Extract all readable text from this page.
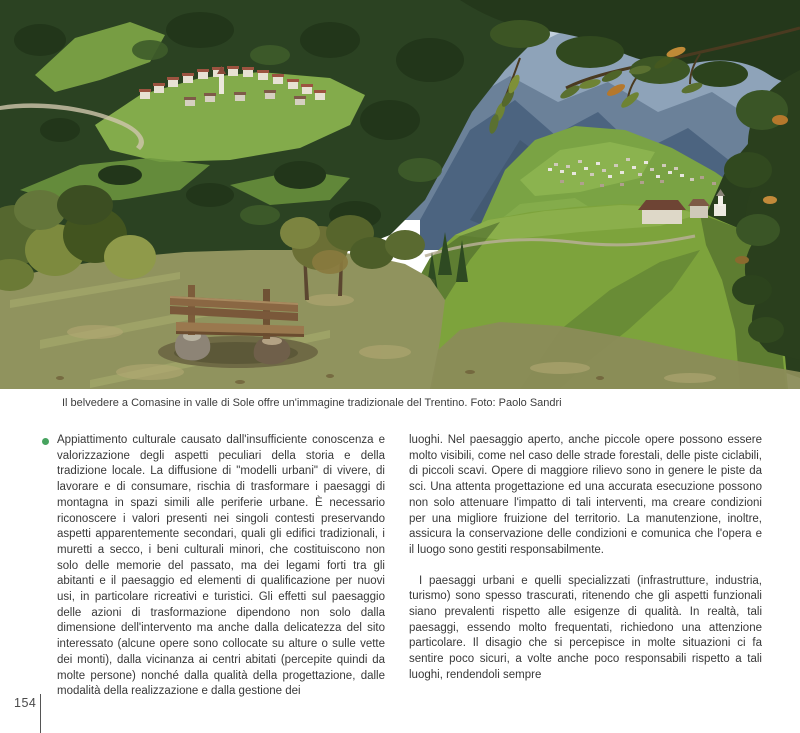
Il belvedere a Comasine in valle di Sole offre un'immagine tradizionale del Trentino. Foto: Paolo Sandri
Appiattimento culturale causato dall'insufficiente conoscenza e valorizzazione degli aspetti peculiari della storia e della tradizione locale. La diffusione di "modelli urbani" di vivere, di lavorare e di consumare, rischia di trasformare i paesaggi di montagna in spazi simili alle periferie urbane. È necessario riconoscere i valori presenti nei singoli contesti preservando aspetti apparentemente secondari, quali gli edifici tradizionali, i muretti a secco, i beni culturali minori, che costituiscono non solo delle memorie del passato, ma dei legami forti tra gli abitanti e il paesaggio ed elementi di qualificazione per nuovi usi, in particolare ricreativi e turistici. Gli effetti sul paesaggio delle azioni di trasformazione dipendono non solo dalla dimensione dell'intervento ma anche dalla delicatezza del sito interessato (alcune opere sono collocate su alture o sulle vette dei monti), dalla vicinanza ai centri abitati (percepite quindi da molte persone) nonché dalla qualità della progettazione, dalle modalità della realizzazione e dalla gestione dei

luoghi. Nel paesaggio aperto, anche piccole opere possono essere molto visibili, come nel caso delle strade forestali, delle piste ciclabili, di piccoli scavi. Opere di maggiore rilievo sono in genere le piste da sci. Una attenta progettazione ed una accurata esecuzione possono non solo attenuare l'impatto di tali interventi, ma creare condizioni per una migliore fruizione del territorio. La manutenzione, inoltre, assicura la conservazione delle condizioni e comunica che l'opera e il luogo sono gestiti responsabilmente.

I paesaggi urbani e quelli specializzati (infrastrutture, industria, turismo) sono spesso trascurati, ritenendo che gli aspetti funzionali siano prevalenti rispetto alle esigenze di qualità. In realtà, tali paesaggi, essendo molto frequentati, richiedono una attenzione particolare. Il disagio che si percepisce in molte situazioni ci fa sentire poco sicuri, a volte anche poco responsabili rispetto a tali luoghi, rendendoli sempre

154
